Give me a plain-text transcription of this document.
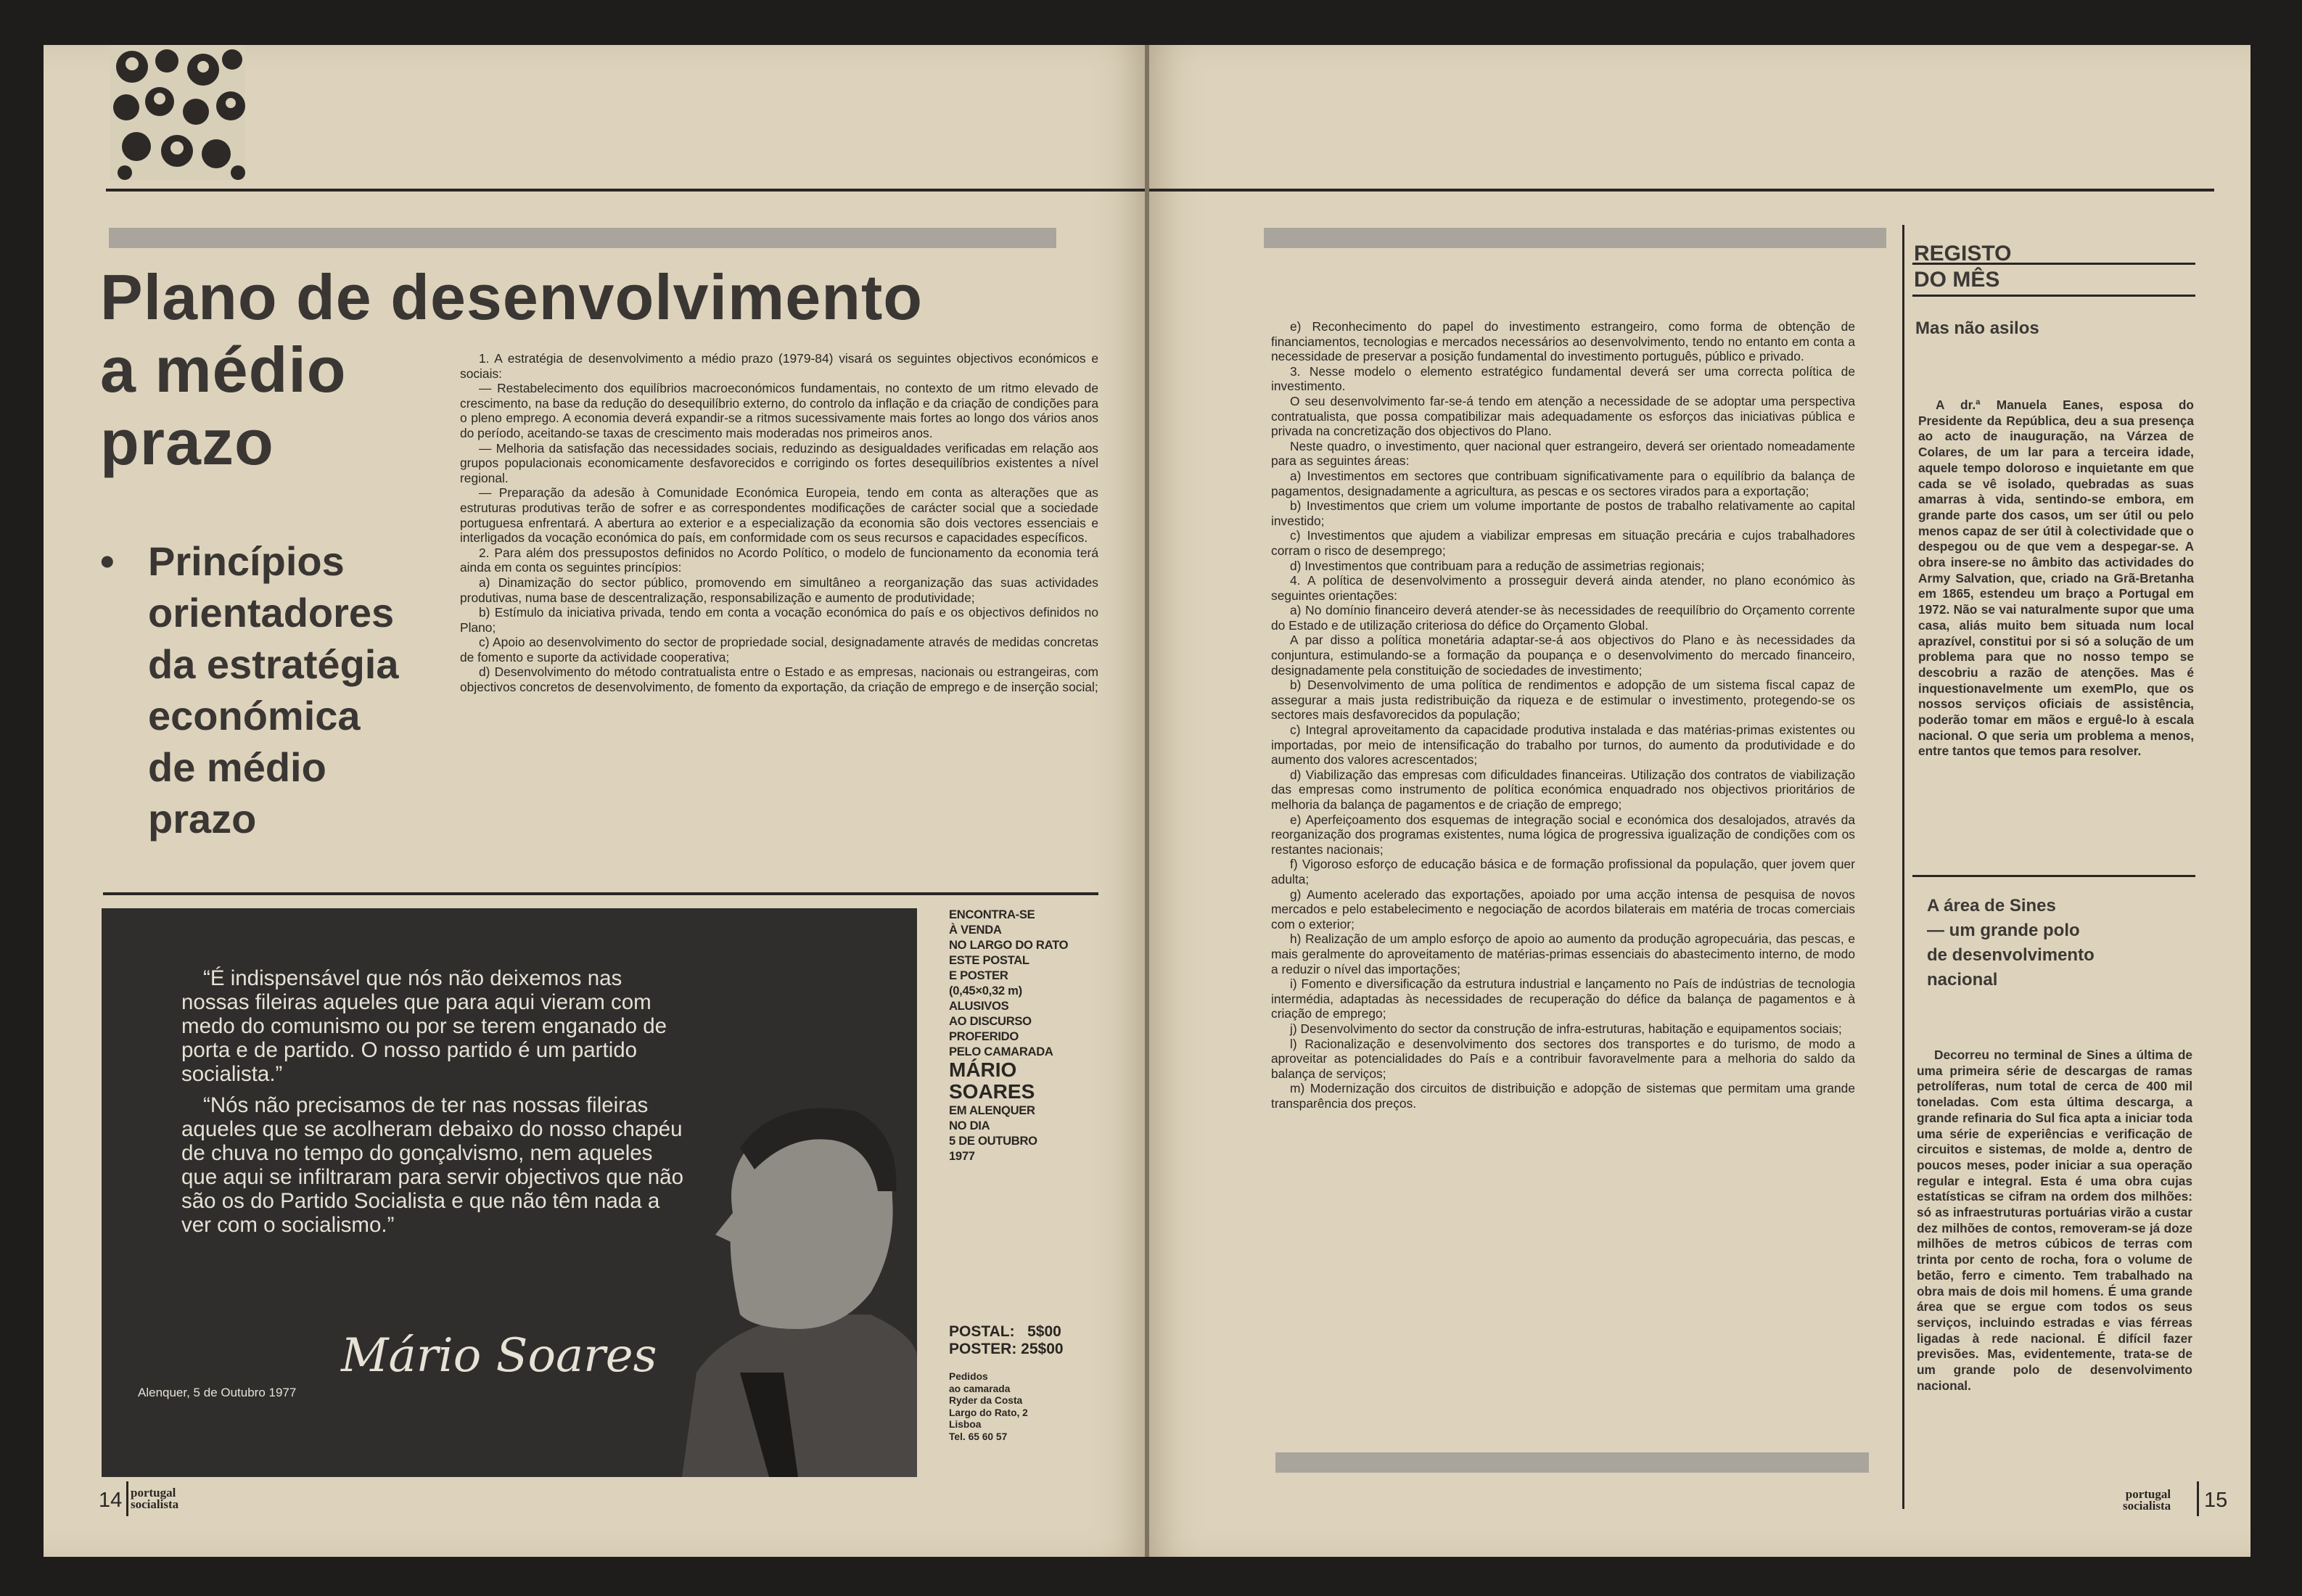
Plano de desenvolvimento
a médio
prazo
• Princípios
orientadores
da estratégia
económica
de médio
prazo

1. A estratégia de desenvolvimento a médio prazo (1979-84) visará os seguintes objectivos económicos e sociais:

— Restabelecimento dos equilíbrios macroeconómicos fundamentais, no contexto de um ritmo elevado de crescimento, na base da redução do desequilíbrio externo, do controlo da inflação e da criação de condições para o pleno emprego. A economia deverá expandir-se a ritmos sucessivamente mais fortes ao longo dos vários anos do período, aceitando-se taxas de crescimento mais moderadas nos primeiros anos.

— Melhoria da satisfação das necessidades sociais, reduzindo as desigualdades verificadas em relação aos grupos populacionais economicamente desfavorecidos e corrigindo os fortes desequilíbrios existentes a nível regional.

— Preparação da adesão à Comunidade Económica Europeia, tendo em conta as alterações que as estruturas produtivas terão de sofrer e as correspondentes modificações de carácter social que a sociedade portuguesa enfrentará. A abertura ao exterior e a especialização da economia são dois vectores essenciais e interligados da vocação económica do país, em conformidade com os seus recursos e capacidades específicos.

2. Para além dos pressupostos definidos no Acordo Político, o modelo de funcionamento da economia terá ainda em conta os seguintes princípios:

a) Dinamização do sector público, promovendo em simultâneo a reorganização das suas actividades produtivas, numa base de descentralização, responsabilização e aumento de produtividade;

b) Estímulo da iniciativa privada, tendo em conta a vocação económica do país e os objectivos definidos no Plano;

c) Apoio ao desenvolvimento do sector de propriedade social, designadamente através de medidas concretas de fomento e suporte da actividade cooperativa;

d) Desenvolvimento do método contratualista entre o Estado e as empresas, nacionais ou estrangeiras, com objectivos concretos de desenvolvimento, de fomento da exportação, da criação de emprego e de inserção social;

“É indispensável que nós não deixemos nas nossas fileiras aqueles que para aqui vieram com medo do comunismo ou por se terem enganado de porta e de partido. O nosso partido é um partido socialista.”

“Nós não precisamos de ter nas nossas fileiras aqueles que se acolheram debaixo do nosso chapéu de chuva no tempo do gonçalvismo, nem aqueles que aqui se infiltraram para servir objectivos que não são os do Partido Socialista e que não têm nada a ver com o socialismo.”

Alenquer, 5 de Outubro 1977
Mário Soares
ENCONTRA-SE
À VENDA
NO LARGO DO RATO
ESTE POSTAL
E POSTER
(0,45×0,32 m)
ALUSIVOS
AO DISCURSO
PROFERIDO
PELO CAMARADA
MÁRIO
SOARES
EM ALENQUER
NO DIA
5 DE OUTUBRO
1977
POSTAL:   5$00
POSTER: 25$00
Pedidos
ao camarada
Ryder da Costa
Largo do Rato, 2
Lisboa
Tel. 65 60 57
14 portugal
socialista

e) Reconhecimento do papel do investimento estrangeiro, como forma de obtenção de financiamentos, tecnologias e mercados necessários ao desenvolvimento, tendo no entanto em conta a necessidade de preservar a posição fundamental do investimento português, público e privado.

3. Nesse modelo o elemento estratégico fundamental deverá ser uma correcta política de investimento.

O seu desenvolvimento far-se-á tendo em atenção a necessidade de se adoptar uma perspectiva contratualista, que possa compatibilizar mais adequadamente os esforços das iniciativas pública e privada na concretização dos objectivos do Plano.

Neste quadro, o investimento, quer nacional quer estrangeiro, deverá ser orientado nomeadamente para as seguintes áreas:

a) Investimentos em sectores que contribuam significativamente para o equilíbrio da balança de pagamentos, designadamente a agricultura, as pescas e os sectores virados para a exportação;

b) Investimentos que criem um volume importante de postos de trabalho relativamente ao capital investido;

c) Investimentos que ajudem a viabilizar empresas em situação precária e cujos trabalhadores corram o risco de desemprego;

d) Investimentos que contribuam para a redução de assimetrias regionais;

4. A política de desenvolvimento a prosseguir deverá ainda atender, no plano económico às seguintes orientações:

a) No domínio financeiro deverá atender-se às necessidades de reequilíbrio do Orçamento corrente do Estado e de utilização criteriosa do défice do Orçamento Global.

A par disso a política monetária adaptar-se-á aos objectivos do Plano e às necessidades da conjuntura, estimulando-se a formação da poupança e o desenvolvimento do mercado financeiro, designadamente pela constituição de sociedades de investimento;

b) Desenvolvimento de uma política de rendimentos e adopção de um sistema fiscal capaz de assegurar a mais justa redistribuição da riqueza e de estimular o investimento, protegendo-se os sectores mais desfavorecidos da população;

c) Integral aproveitamento da capacidade produtiva instalada e das matérias-primas existentes ou importadas, por meio de intensificação do trabalho por turnos, do aumento da produtividade e do aumento dos valores acrescentados;

d) Viabilização das empresas com dificuldades financeiras. Utilização dos contratos de viabilização das empresas como instrumento de política económica enquadrado nos objectivos prioritários de melhoria da balança de pagamentos e de criação de emprego;

e) Aperfeiçoamento dos esquemas de integração social e económica dos desalojados, através da reorganização dos programas existentes, numa lógica de progressiva igualização de condições com os restantes nacionais;

f) Vigoroso esforço de educação básica e de formação profissional da população, quer jovem quer adulta;

g) Aumento acelerado das exportações, apoiado por uma acção intensa de pesquisa de novos mercados e pelo estabelecimento e negociação de acordos bilaterais em matéria de trocas comerciais com o exterior;

h) Realização de um amplo esforço de apoio ao aumento da produção agropecuária, das pescas, e mais geralmente do aproveitamento de matérias-primas essenciais do abastecimento interno, de modo a reduzir o nível das importações;

i) Fomento e diversificação da estrutura industrial e lançamento no País de indústrias de tecnologia intermédia, adaptadas às necessidades de recuperação do défice da balança de pagamentos e à criação de emprego;

j) Desenvolvimento do sector da construção de infra-estruturas, habitação e equipamentos sociais;

l) Racionalização e desenvolvimento dos sectores dos transportes e do turismo, de modo a aproveitar as potencialidades do País e a contribuir favoravelmente para a melhoria do saldo da balança de serviços;

m) Modernização dos circuitos de distribuição e adopção de sistemas que permitam uma grande transparência dos preços.

REGISTO
DO MÊS
Mas não asilos

A dr.ª Manuela Eanes, esposa do Presidente da República, deu a sua presença ao acto de inauguração, na Várzea de Colares, de um lar para a terceira idade, aquele tempo doloroso e inquietante em que cada se vê isolado, quebradas as suas amarras à vida, sentindo-se embora, em grande parte dos casos, um ser útil ou pelo menos capaz de ser útil à colectividade que o despegou ou de que vem a despegar-se. A obra insere-se no âmbito das actividades do Army Salvation, que, criado na Grã-Bretanha em 1865, estendeu um braço a Portugal em 1972. Não se vai naturalmente supor que uma casa, aliás muito bem situada num local aprazível, constitui por si só a solução de um problema para que no nosso tempo se descobriu a razão de atenções. Mas é inquestionavelmente um exemPlo, que os nossos serviços oficiais de assistência, poderão tomar em mãos e erguê-lo à escala nacional. O que seria um problema a menos, entre tantos que temos para resolver.

A área de Sines
— um grande polo
de desenvolvimento
nacional

Decorreu no terminal de Sines a última de uma primeira série de descargas de ramas petrolíferas, num total de cerca de 400 mil toneladas. Com esta última descarga, a grande refinaria do Sul fica apta a iniciar toda uma série de experiências e verificação de circuitos e sistemas, de molde a, dentro de poucos meses, poder iniciar a sua operação regular e integral. Esta é uma obra cujas estatísticas se cifram na ordem dos milhões: só as infraestruturas portuárias virão a custar dez milhões de contos, removeram-se já doze milhões de metros cúbicos de terras com trinta por cento de rocha, fora o volume de betão, ferro e cimento. Tem trabalhado na obra mais de dois mil homens. É uma grande área que se ergue com todos os seus serviços, incluindo estradas e vias férreas ligadas à rede nacional. É difícil fazer previsões. Mas, evidentemente, trata-se de um grande polo de desenvolvimento nacional.

portugal
socialista 15
